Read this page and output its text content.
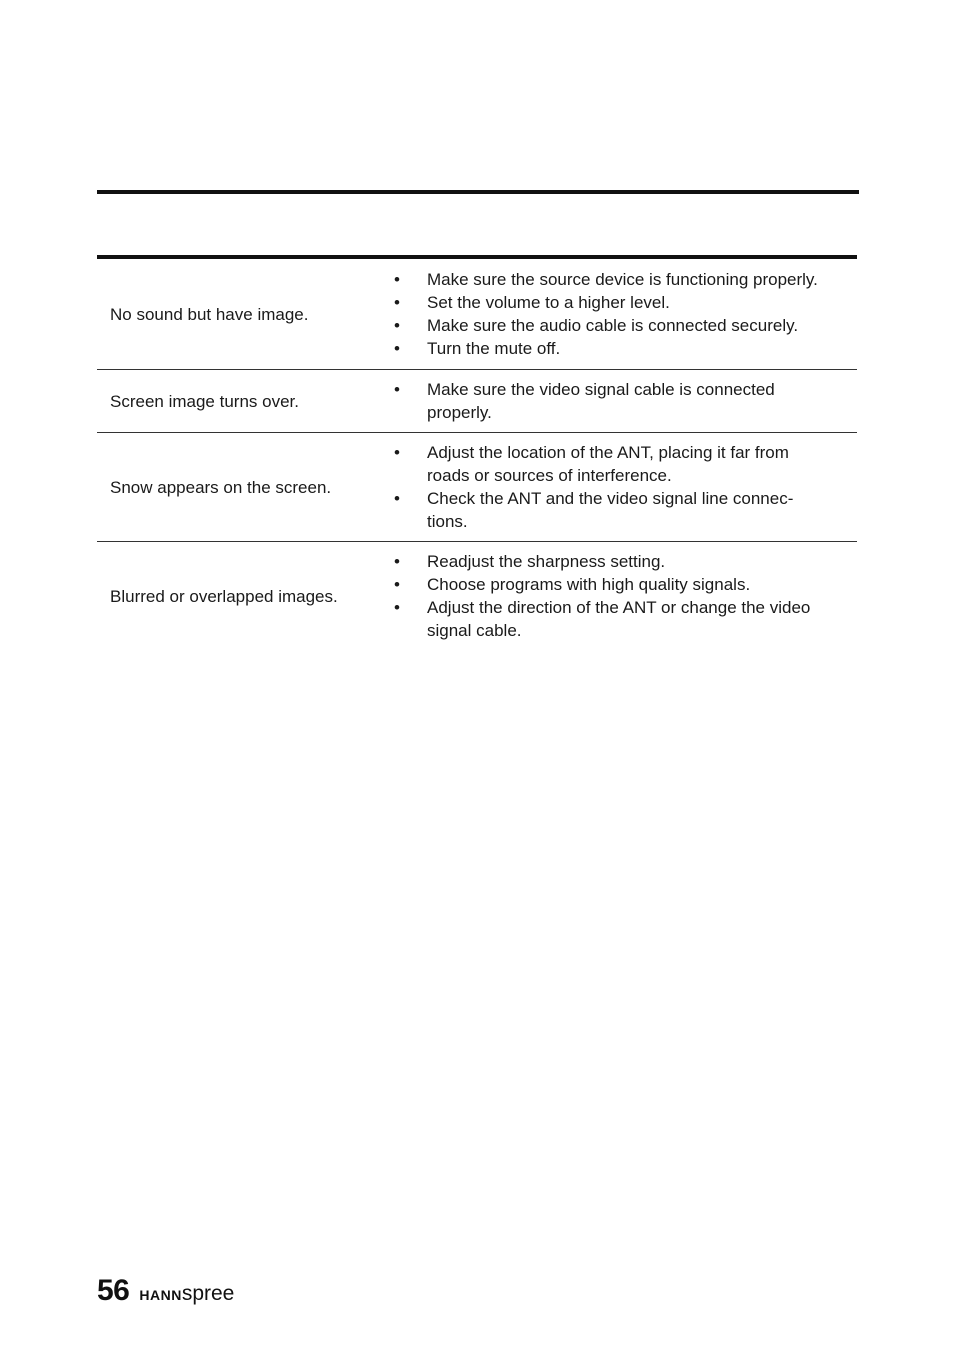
No sound but have image.
•	Make sure the source device is functioning properly.
•	Set the volume to a higher level.
•	Make sure the audio cable is connected securely.
•	Turn the mute off.
Screen image turns over.
•	Make sure the video signal cable is connected properly.
Snow appears on the screen.
•	Adjust the location of the ANT, placing it far from roads or sources of interference.
•	Check the ANT and the video signal line connec-tions.
Blurred or overlapped images.
•	Readjust the sharpness setting.
•	Choose programs with high quality signals.
•	Adjust the direction of the ANT or change the video signal cable.
56 HANNspree
